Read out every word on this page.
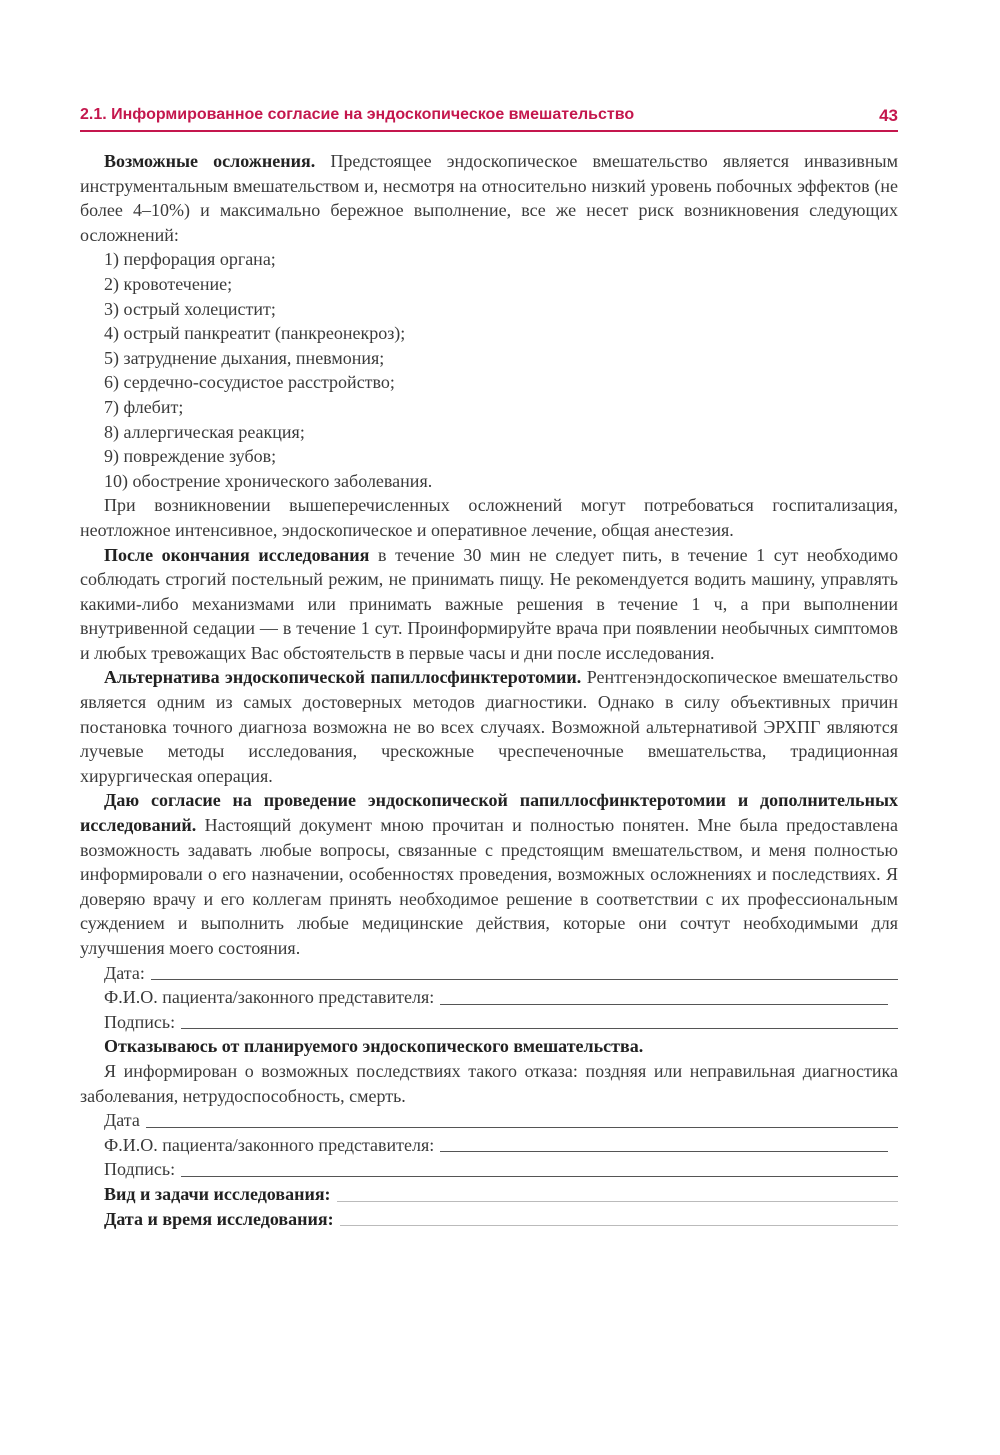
2.1. Информированное согласие на эндоскопическое вмешательство	43

Возможные осложнения. Предстоящее эндоскопическое вмешательство является инвазивным инструментальным вмешательством и, несмотря на относительно низкий уровень побочных эффектов (не более 4–10%) и максимально бережное выполнение, все же несет риск возникновения следующих осложнений:

1) перфорация органа;
2) кровотечение;
3) острый холецистит;
4) острый панкреатит (панкреонекроз);
5) затруднение дыхания, пневмония;
6) сердечно-сосудистое расстройство;
7) флебит;
8) аллергическая реакция;
9) повреждение зубов;
10) обострение хронического заболевания.

При возникновении вышеперечисленных осложнений могут потребоваться госпитализация, неотложное интенсивное, эндоскопическое и оперативное лечение, общая анестезия.

После окончания исследования в течение 30 мин не следует пить, в течение 1 сут необходимо соблюдать строгий постельный режим, не принимать пищу. Не рекомендуется водить машину, управлять какими-либо механизмами или принимать важные решения в течение 1 ч, а при выполнении внутривенной седации — в течение 1 сут. Проинформируйте врача при появлении необычных симптомов и любых тревожащих Вас обстоятельств в первые часы и дни после исследования.

Альтернатива эндоскопической папиллосфинктеротомии. Рентгенэндоскопическое вмешательство является одним из самых достоверных методов диагностики. Однако в силу объективных причин постановка точного диагноза возможна не во всех случаях. Возможной альтернативой ЭРХПГ являются лучевые методы исследования, чрескожные чреспеченочные вмешательства, традиционная хирургическая операция.

Даю согласие на проведение эндоскопической папиллосфинктеротомии и дополнительных исследований. Настоящий документ мною прочитан и полностью понятен. Мне была предоставлена возможность задавать любые вопросы, связанные с предстоящим вмешательством, и меня полностью информировали о его назначении, особенностях проведения, возможных осложнениях и последствиях. Я доверяю врачу и его коллегам принять необходимое решение в соответствии с их профессиональным суждением и выполнить любые медицинские действия, которые они сочтут необходимыми для улучшения моего состояния.

Дата:
Ф.И.О. пациента/законного представителя:
Подпись:
Отказываюсь от планируемого эндоскопического вмешательства.

Я информирован о возможных последствиях такого отказа: поздняя или неправильная диагностика заболевания, нетрудоспособность, смерть.

Дата
Ф.И.О. пациента/законного представителя:
Подпись:
Вид и задачи исследования:
Дата и время исследования:
